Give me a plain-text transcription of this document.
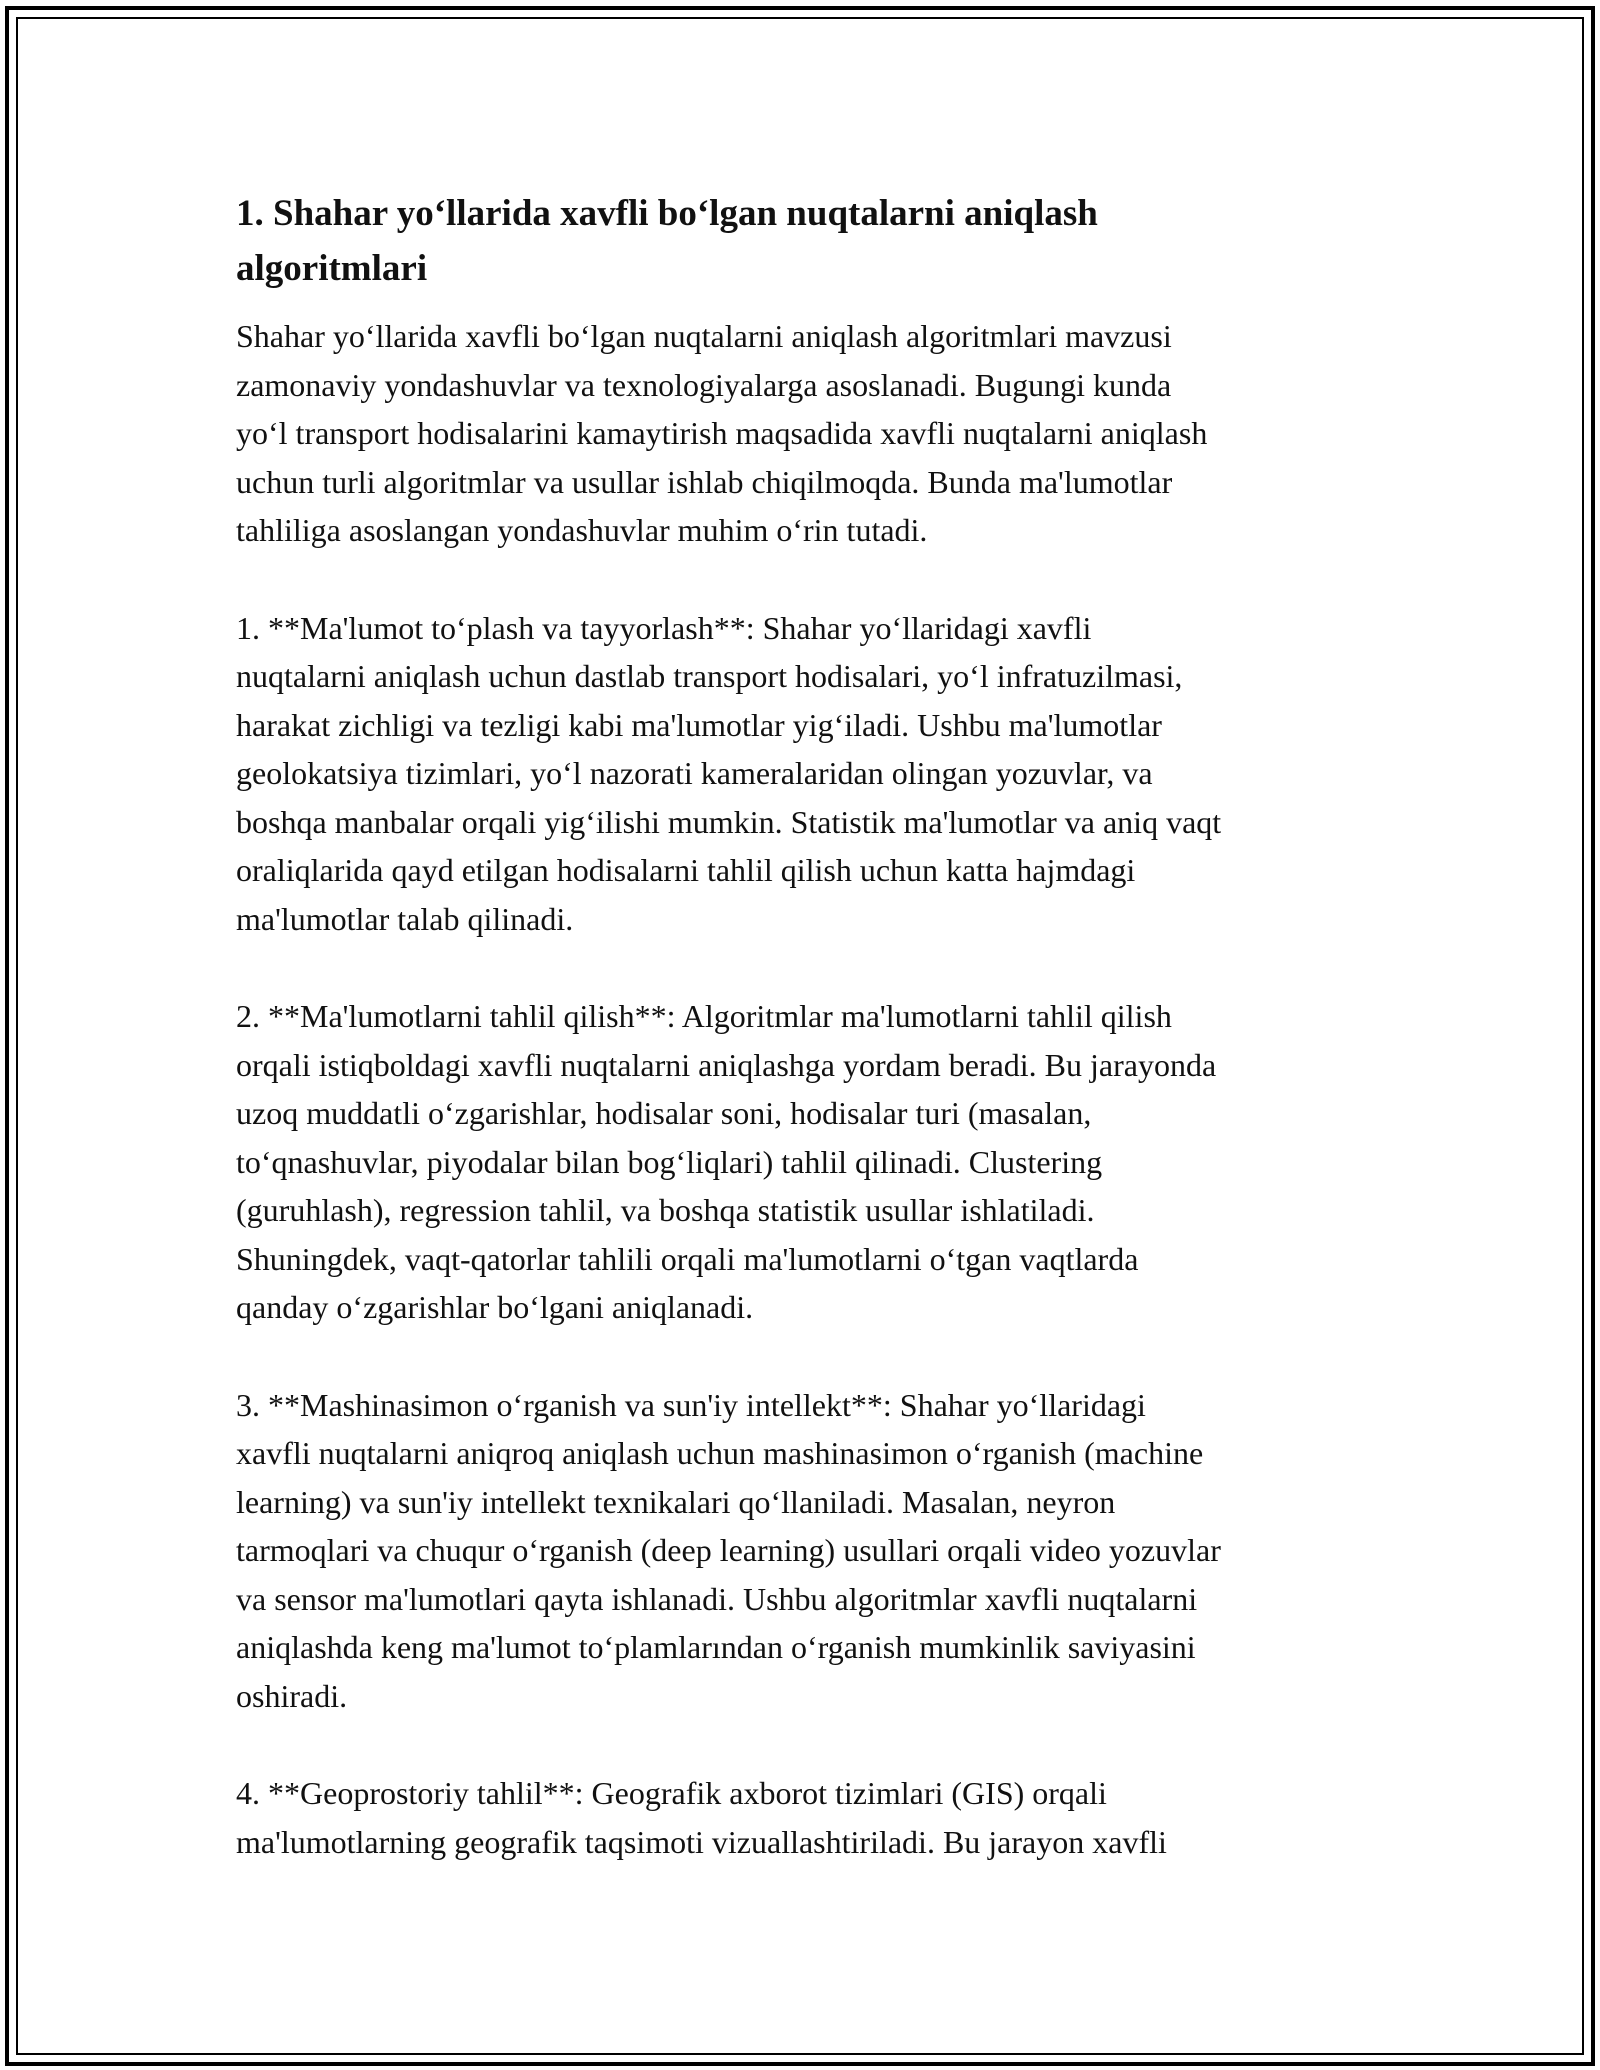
1. Shahar yo‘llarida xavfli bo‘lgan nuqtalarni aniqlash
algoritmlari

Shahar yo‘llarida xavfli bo‘lgan nuqtalarni aniqlash algoritmlari mavzusi
zamonaviy yondashuvlar va texnologiyalarga asoslanadi. Bugungi kunda
yo‘l transport hodisalarini kamaytirish maqsadida xavfli nuqtalarni aniqlash
uchun turli algoritmlar va usullar ishlab chiqilmoqda. Bunda ma'lumotlar
tahliliga asoslangan yondashuvlar muhim o‘rin tutadi.

1. **Ma'lumot to‘plash va tayyorlash**: Shahar yo‘llaridagi xavfli
nuqtalarni aniqlash uchun dastlab transport hodisalari, yo‘l infratuzilmasi,
harakat zichligi va tezligi kabi ma'lumotlar yig‘iladi. Ushbu ma'lumotlar
geolokatsiya tizimlari, yo‘l nazorati kameralaridan olingan yozuvlar, va
boshqa manbalar orqali yig‘ilishi mumkin. Statistik ma'lumotlar va aniq vaqt
oraliqlarida qayd etilgan hodisalarni tahlil qilish uchun katta hajmdagi
ma'lumotlar talab qilinadi.

2. **Ma'lumotlarni tahlil qilish**: Algoritmlar ma'lumotlarni tahlil qilish
orqali istiqboldagi xavfli nuqtalarni aniqlashga yordam beradi. Bu jarayonda
uzoq muddatli o‘zgarishlar, hodisalar soni, hodisalar turi (masalan,
to‘qnashuvlar, piyodalar bilan bog‘liqlari) tahlil qilinadi. Clustering
(guruhlash), regression tahlil, va boshqa statistik usullar ishlatiladi.
Shuningdek, vaqt-qatorlar tahlili orqali ma'lumotlarni o‘tgan vaqtlarda
qanday o‘zgarishlar bo‘lgani aniqlanadi.

3. **Mashinasimon o‘rganish va sun'iy intellekt**: Shahar yo‘llaridagi
xavfli nuqtalarni aniqroq aniqlash uchun mashinasimon o‘rganish (machine
learning) va sun'iy intellekt texnikalari qo‘llaniladi. Masalan, neyron
tarmoqlari va chuqur o‘rganish (deep learning) usullari orqali video yozuvlar
va sensor ma'lumotlari qayta ishlanadi. Ushbu algoritmlar xavfli nuqtalarni
aniqlashda keng ma'lumot to‘plamlarından o‘rganish mumkinlik saviyasini
oshiradi.

4. **Geoprostoriy tahlil**: Geografik axborot tizimlari (GIS) orqali
ma'lumotlarning geografik taqsimoti vizuallashtiriladi. Bu jarayon xavfli
